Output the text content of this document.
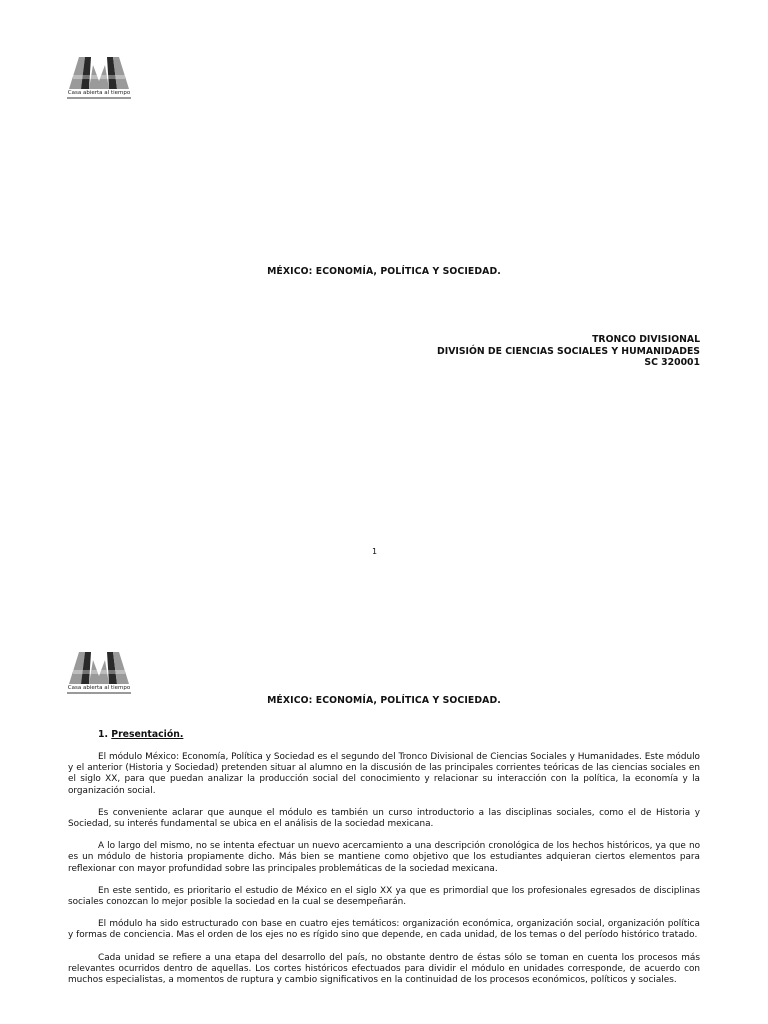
Casa abierta al tiempo
MÉXICO: ECONOMÍA, POLÍTICA Y SOCIEDAD.
TRONCO DIVISIONAL
DIVISIÓN DE CIENCIAS SOCIALES Y HUMANIDADES
SC 320001
1
Casa abierta al tiempo
MÉXICO: ECONOMÍA, POLÍTICA Y SOCIEDAD.
1. Presentación.

El módulo México: Economía, Política y Sociedad es el segundo del Tronco Divisional de Ciencias Sociales y Humanidades. Este módulo y el anterior (Historia y Sociedad) pretenden situar al alumno en la discusión de las principales corrientes teóricas de las ciencias sociales en el siglo XX, para que puedan analizar la producción social del conocimiento y relacionar su interacción con la política, la economía y la organización social.

Es conveniente aclarar que aunque el módulo es también un curso introductorio a las disciplinas sociales, como el de Historia y Sociedad, su interés fundamental se ubica en el análisis de la sociedad mexicana.

A lo largo del mismo, no se intenta efectuar un nuevo acercamiento a una descripción cronológica de los hechos históricos, ya que no es un módulo de historia propiamente dicho. Más bien se mantiene como objetivo que los estudiantes adquieran ciertos elementos para reflexionar con mayor profundidad sobre las principales problemáticas de la sociedad mexicana.

En este sentido, es prioritario el estudio de México en el siglo XX ya que es primordial que los profesionales egresados de disciplinas sociales conozcan lo mejor posible la sociedad en la cual se desempeñarán.

El módulo ha sido estructurado con base en cuatro ejes temáticos: organización económica, organización social, organización política y formas de conciencia. Mas el orden de los ejes no es rígido sino que depende, en cada unidad, de los temas o del período histórico tratado.

Cada unidad se refiere a una etapa del desarrollo del país, no obstante dentro de éstas sólo se toman en cuenta los procesos más relevantes ocurridos dentro de aquellas. Los cortes históricos efectuados para dividir el módulo en unidades corresponde, de acuerdo con muchos especialistas, a momentos de ruptura y cambio significativos en la continuidad de los procesos económicos, políticos y sociales.
